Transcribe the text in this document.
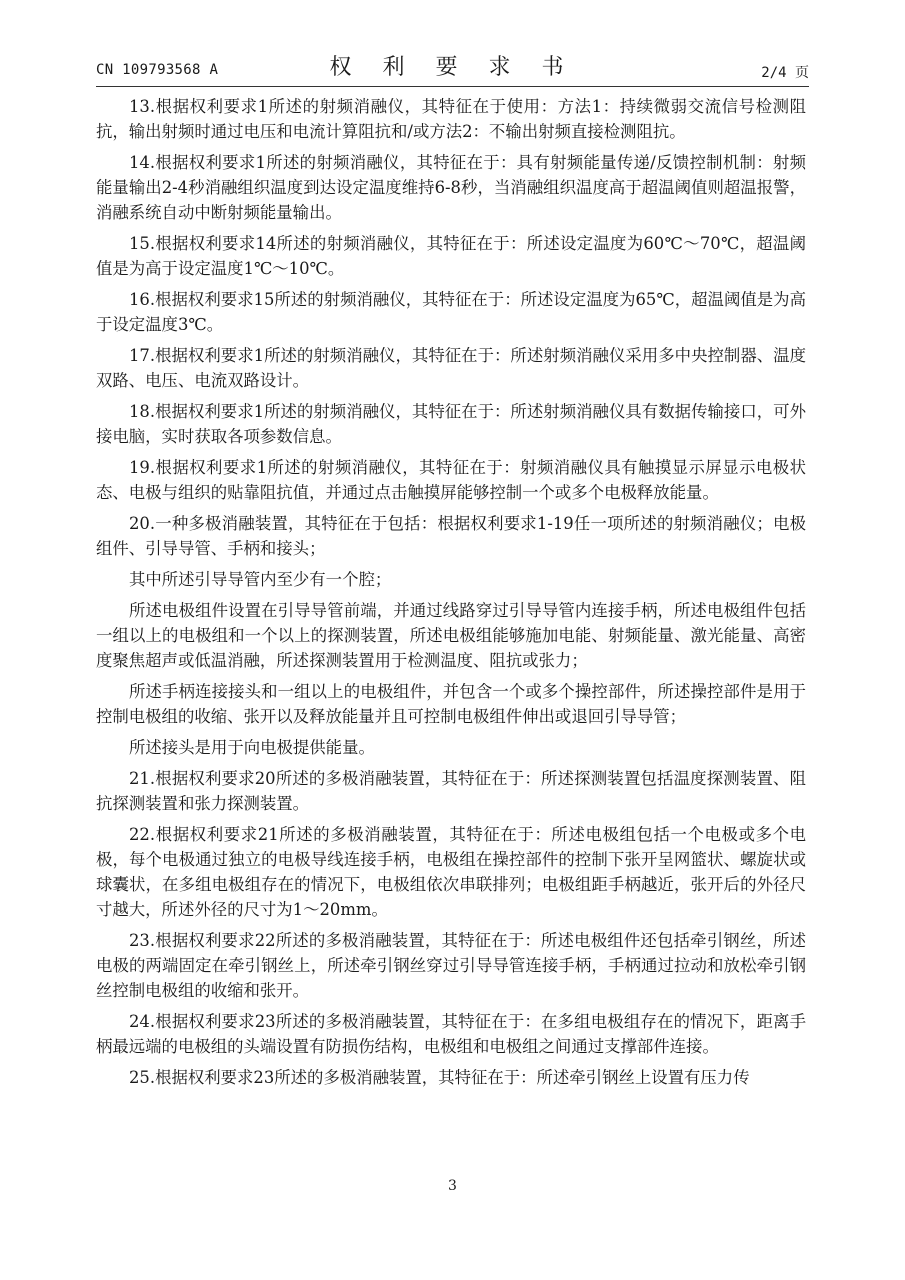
CN 109793568 A	权 利 要 求 书	2/4 页

13.根据权利要求1所述的射频消融仪，其特征在于使用：方法1：持续微弱交流信号检测阻抗，输出射频时通过电压和电流计算阻抗和/或方法2：不输出射频直接检测阻抗。

14.根据权利要求1所述的射频消融仪，其特征在于：具有射频能量传递/反馈控制机制：射频能量输出2-4秒消融组织温度到达设定温度维持6-8秒，当消融组织温度高于超温阈值则超温报警，消融系统自动中断射频能量输出。

15.根据权利要求14所述的射频消融仪，其特征在于：所述设定温度为60℃～70℃，超温阈值是为高于设定温度1℃～10℃。

16.根据权利要求15所述的射频消融仪，其特征在于：所述设定温度为65℃，超温阈值是为高于设定温度3℃。

17.根据权利要求1所述的射频消融仪，其特征在于：所述射频消融仪采用多中央控制器、温度双路、电压、电流双路设计。

18.根据权利要求1所述的射频消融仪，其特征在于：所述射频消融仪具有数据传输接口，可外接电脑，实时获取各项参数信息。

19.根据权利要求1所述的射频消融仪，其特征在于：射频消融仪具有触摸显示屏显示电极状态、电极与组织的贴靠阻抗值，并通过点击触摸屏能够控制一个或多个电极释放能量。

20.一种多极消融装置，其特征在于包括：根据权利要求1-19任一项所述的射频消融仪；电极组件、引导导管、手柄和接头；

其中所述引导导管内至少有一个腔；

所述电极组件设置在引导导管前端，并通过线路穿过引导导管内连接手柄，所述电极组件包括一组以上的电极组和一个以上的探测装置，所述电极组能够施加电能、射频能量、激光能量、高密度聚焦超声或低温消融，所述探测装置用于检测温度、阻抗或张力；

所述手柄连接接头和一组以上的电极组件，并包含一个或多个操控部件，所述操控部件是用于控制电极组的收缩、张开以及释放能量并且可控制电极组件伸出或退回引导导管；

所述接头是用于向电极提供能量。

21.根据权利要求20所述的多极消融装置，其特征在于：所述探测装置包括温度探测装置、阻抗探测装置和张力探测装置。

22.根据权利要求21所述的多极消融装置，其特征在于：所述电极组包括一个电极或多个电极，每个电极通过独立的电极导线连接手柄，电极组在操控部件的控制下张开呈网篮状、螺旋状或球囊状，在多组电极组存在的情况下，电极组依次串联排列；电极组距手柄越近，张开后的外径尺寸越大，所述外径的尺寸为1～20mm。

23.根据权利要求22所述的多极消融装置，其特征在于：所述电极组件还包括牵引钢丝，所述电极的两端固定在牵引钢丝上，所述牵引钢丝穿过引导导管连接手柄，手柄通过拉动和放松牵引钢丝控制电极组的收缩和张开。

24.根据权利要求23所述的多极消融装置，其特征在于：在多组电极组存在的情况下，距离手柄最远端的电极组的头端设置有防损伤结构，电极组和电极组之间通过支撑部件连接。

25.根据权利要求23所述的多极消融装置，其特征在于：所述牵引钢丝上设置有压力传

3
